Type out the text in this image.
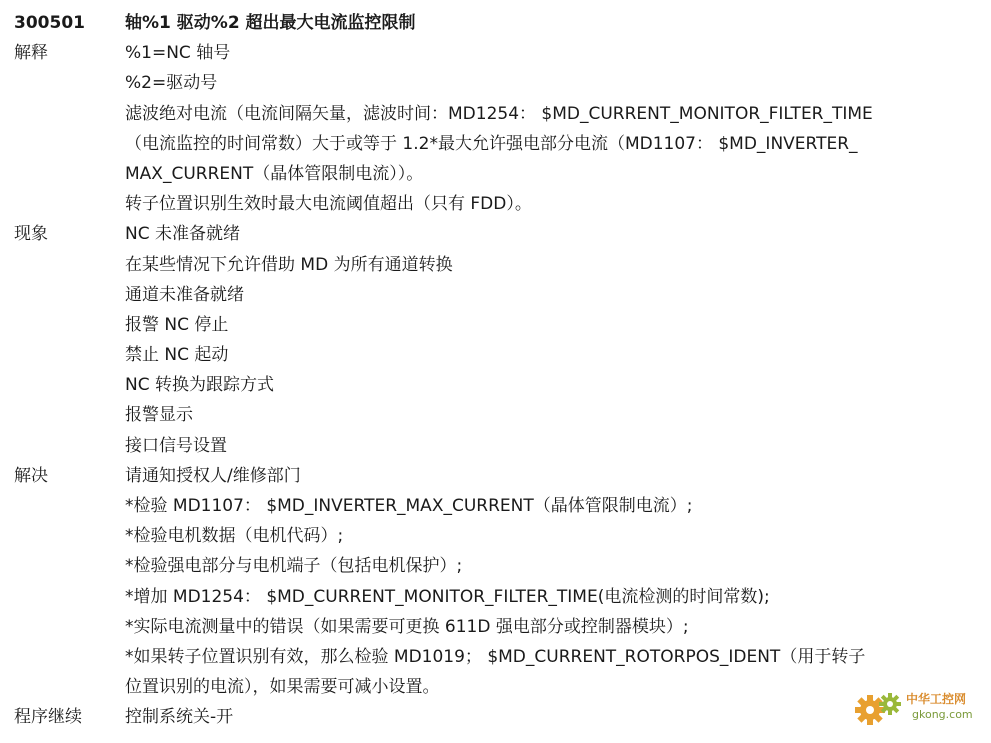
300501	轴%1 驱动%2 超出最大电流监控限制
解释	%1=NC 轴号
%2=驱动号
滤波绝对电流（电流间隔矢量，滤波时间：MD1254： $MD_CURRENT_MONITOR_FILTER_TIME
（电流监控的时间常数）大于或等于 1.2*最大允许强电部分电流（MD1107： $MD_INVERTER_
MAX_CURRENT（晶体管限制电流））。
转子位置识别生效时最大电流阈值超出（只有 FDD）。
现象	NC 未准备就绪
在某些情况下允许借助 MD 为所有通道转换
通道未准备就绪
报警 NC 停止
禁止 NC 起动
NC 转换为跟踪方式
报警显示
接口信号设置
解决	请通知授权人/维修部门
*检验 MD1107： $MD_INVERTER_MAX_CURRENT（晶体管限制电流）;
*检验电机数据（电机代码）;
*检验强电部分与电机端子（包括电机保护）;
*增加 MD1254： $MD_CURRENT_MONITOR_FILTER_TIME(电流检测的时间常数);
*实际电流测量中的错误（如果需要可更换 611D 强电部分或控制器模块）;
*如果转子位置识别有效，那么检验 MD1019； $MD_CURRENT_ROTORPOS_IDENT（用于转子
位置识别的电流），如果需要可减小设置。
程序继续	控制系统关-开
中华工控网
gkong.com
